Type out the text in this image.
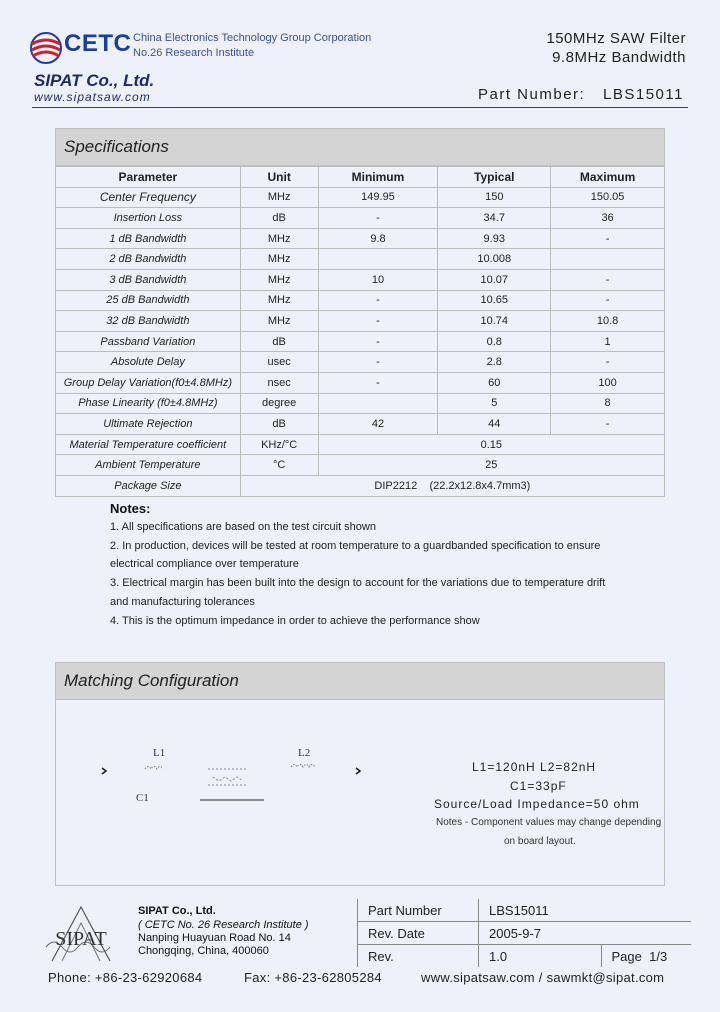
CETC China Electronics Technology Group Corporation
No.26 Research Institute
SIPAT Co., Ltd.
www.sipatsaw.com
150MHz SAW Filter
9.8MHz Bandwidth
Part Number: LBS15011
Specifications
Parameter	Unit	Minimum	Typical	Maximum
Center Frequency	MHz	149.95	150	150.05
Insertion Loss	dB	-	34.7	36
1 dB Bandwidth	MHz	9.8	9.93	-
2 dB Bandwidth	MHz		10.008	
3 dB Bandwidth	MHz	10	10.07	-
25 dB Bandwidth	MHz	-	10.65	-
32 dB Bandwidth	MHz	-	10.74	10.8
Passband Variation	dB	-	0.8	1
Absolute Delay	usec	-	2.8	-
Group Delay Variation(f0±4.8MHz)	nsec	-	60	100
Phase Linearity (f0±4.8MHz)	degree		5	8
Ultimate Rejection	dB	42	44	-
Material Temperature coefficient	KHz/°C	0.15		
Ambient Temperature	°C	25		
Package Size	DIP2212    (22.2x12.8x4.7mm3)			
Notes:
1. All specifications are based on the test circuit shown
2. In production, devices will be tested at room temperature to a guardbanded specification to ensure
electrical compliance over temperature
3. Electrical margin has been built into the design to account for the variations due to temperature drift
and manufacturing tolerances
4. This is the optimum impedance in order to achieve the performance show
Matching Configuration
L1	L2
C1
L1=120nH L2=82nH
C1=33pF
Source/Load Impedance=50 ohm
Notes - Component values may change depending
on board layout.
SIPAT
SIPAT Co., Ltd.
( CETC No. 26 Research Institute )
Nanping Huayuan Road No. 14
Chongqing, China, 400060
Part Number	LBS15011	
Rev. Date	2005-9-7	
Rev.	1.0	Page 1/3
Phone: +86-23-62920684	Fax: +86-23-62805284	www.sipatsaw.com / sawmkt@sipat.com
